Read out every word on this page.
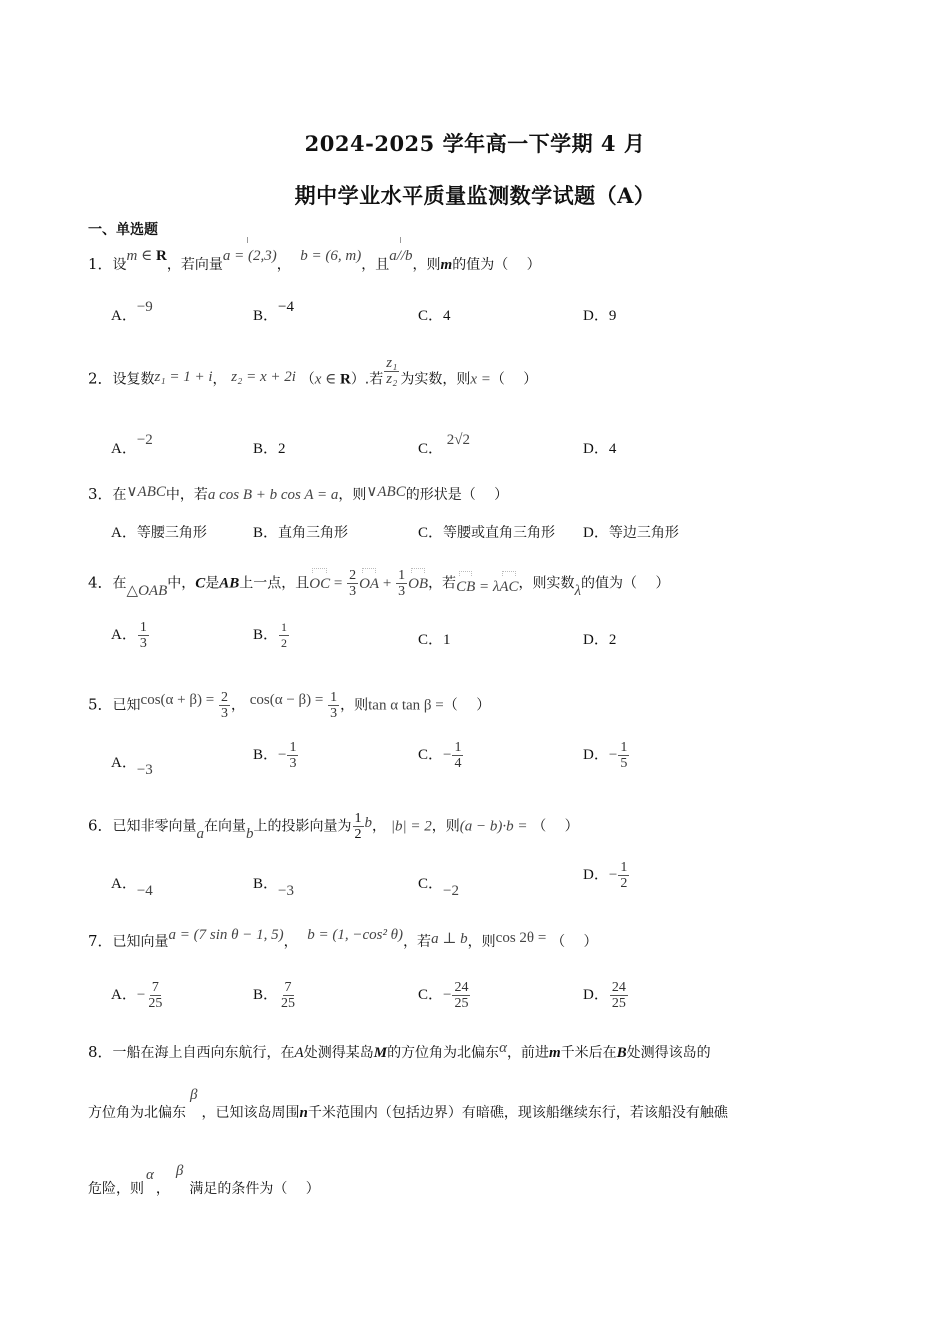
2024-2025 学年高一下学期 4 月
期中学业水平质量监测数学试题（A）
一、单选题
1．设m ∈ R，若向量a = (2,3)，  b = (6, m)，且a//b，则m的值为（　 ）
A．−9
B．−4
C．4	D．9
2．设复数z₁ = 1 + i， z₂ = x + 2i （x ∈ R）.若 $\frac{\text{z₁}}{\text{z₂}}$ 为实数，则x =（　 ）
A．−2
B．2	C． 2√2
D．4
3．在∨ABC中，若a cos B + b cos A = a，则∨ABC的形状是（　 ）
A．等腰三角形	B．直角三角形	C．等腰或直角三角形 D．等边三角形
4．在△OAB中，C是AB上一点，且OC = $\frac{2}{3}$ OA + $\frac{1}{3}$ OB，若CB = λAC，则实数λ的值为（　 ）
A． $\frac{1}{3}$	B． $\frac{1}{2}$	C．1	D．2
5．已知$\cos(\alpha + \beta) = \frac{2}{3}$ ， $\cos(\alpha - \beta) = \frac{1}{3}$ ，则tan α tan β =（　 ）
A．−3
B．− $\frac{1}{3}$	C．− $\frac{1}{4}$	D．− $\frac{1}{5}$
6．已知非零向量a在向量b上的投影向量为 $\frac{1}{2}$ b， |b| = 2，则(a − b)·b = （　 ）
A．−4	B．−3	C．−2
D．− $\frac{1}{2}$
7．已知向量a = (7 sin θ − 1, 5)， b = (1, −cos² θ)，若a ⊥ b，则cos 2θ = （　 ）
A．− $\frac{7}{25}$	B． $\frac{7}{25}$	C．− $\frac{24}{25}$	D． $\frac{24}{25}$
8．一船在海上自西向东航行，在A处测得某岛M的方位角为北偏东α，前进m千米后在B处测得该岛的
方位角为北偏东β，已知该岛周围n千米范围内（包括边界）有暗礁，现该船继续东行，若该船没有触礁
危险，则α，β满足的条件为（　 ）
